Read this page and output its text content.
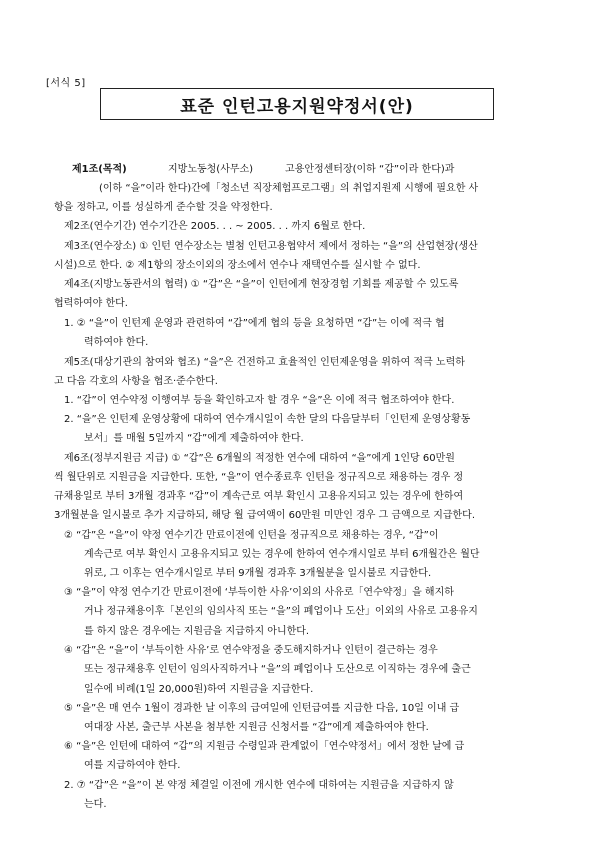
[서식 5]
표준 인턴고용지원약정서(안)
제1조(목적)	지방노동청(사무소)	고용안정센터장(이하 “갑”이라 한다)과
(이하 “을”이라 한다)간에「청소년 직장체험프로그램」의 취업지원제 시행에 필요한 사
항을 정하고, 이를 성실하게 준수할 것을 약정한다.
제2조(연수기간) 연수기간은 2005. . . ~ 2005. . . 까지 6월로 한다.
제3조(연수장소) ① 인턴 연수장소는 별첨 인턴고용협약서 제에서 정하는 “을”의 산업현장(생산
시설)으로 한다. ② 제1항의 장소이외의 장소에서 연수나 재택연수를 실시할 수 없다.
제4조(지방노동관서의 협력) ① “갑”은 “을”이 인턴에게 현장경험 기회를 제공할 수 있도록
협력하여야 한다.
1. ② “을”이 인턴제 운영과 관련하여 “갑”에게 협의 등을 요청하면 “갑”는 이에 적극 협
력하여야 한다.
제5조(대상기관의 참여와 협조) “을”은 건전하고 효율적인 인턴제운영을 위하여 적극 노력하
고 다음 각호의 사항을 협조·준수한다.
1. “갑”이 연수약정 이행여부 등을 확인하고자 할 경우 “을”은 이에 적극 협조하여야 한다.
2. “을”은 인턴제 운영상황에 대하여 연수개시일이 속한 달의 다음달부터「인턴제 운영상황동
보서」를 매월 5일까지 “갑”에게 제출하여야 한다.
제6조(정부지원금 지급) ① “갑”은 6개월의 적정한 연수에 대하여 “을”에게 1인당 60만원
씩 월단위로 지원금을 지급한다. 또한, “을”이 연수종료후 인턴을 정규직으로 채용하는 경우 정
규채용일로 부터 3개월 경과후 “갑”이 계속근로 여부 확인시 고용유지되고 있는 경우에 한하여
3개월분을 일시불로 추가 지급하되, 해당 월 급여액이 60만원 미만인 경우 그 금액으로 지급한다.
② “갑”은 “을”이 약정 연수기간 만료이전에 인턴을 정규직으로 채용하는 경우, “갑”이
계속근로 여부 확인시 고용유지되고 있는 경우에 한하여 연수개시일로 부터 6개월간은 월단
위로, 그 이후는 연수개시일로 부터 9개월 경과후 3개월분을 일시불로 지급한다.
③ “을”이 약정 연수기간 만료이전에 ‘부득이한 사유’이외의 사유로「연수약정」을 해지하
거나 정규채용이후「본인의 임의사직 또는 “을”의 폐업이나 도산」이외의 사유로 고용유지
를 하지 않은 경우에는 지원금을 지급하지 아니한다.
④ “갑”은 “을”이 ‘부득이한 사유’로 연수약정을 중도해지하거나 인턴이 결근하는 경우
또는 정규채용후 인턴이 임의사직하거나 “을”의 폐업이나 도산으로 이직하는 경우에 출근
일수에 비례(1일 20,000원)하여 지원금을 지급한다.
⑤ “을”은 매 연수 1월이 경과한 날 이후의 급여일에 인턴급여를 지급한 다음, 10일 이내 급
여대장 사본, 출근부 사본을 첨부한 지원금 신청서를 “갑”에게 제출하여야 한다.
⑥ “을”은 인턴에 대하여 “갑”의 지원금 수령일과 관계없이「연수약정서」에서 정한 날에 급
여를 지급하여야 한다.
2. ⑦ “갑”은 “을”이 본 약정 체결일 이전에 개시한 연수에 대하여는 지원금을 지급하지 않
는다.
